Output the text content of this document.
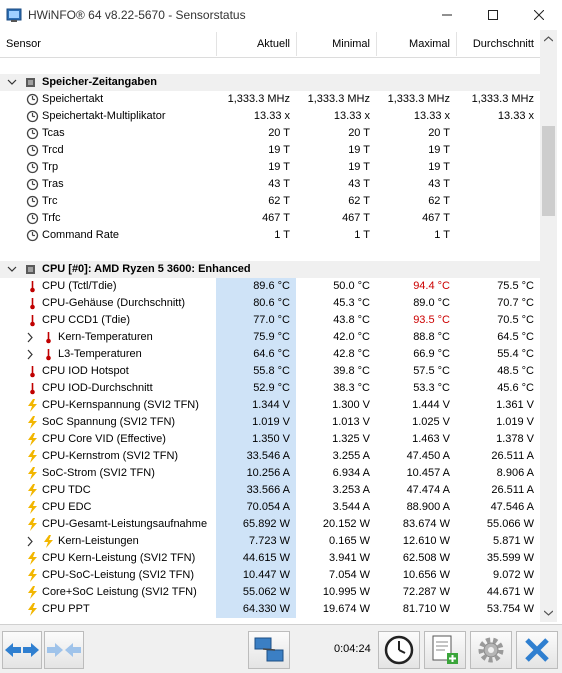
HWiNFO® 64 v8.22-5670 - Sensorstatus
Sensor	Aktuell	Minimal	Maximal	Durchschnitt
Speicher-Zeitangaben
Speichertakt	1,333.3 MHz	1,333.3 MHz	1,333.3 MHz	1,333.3 MHz
Speichertakt-Multiplikator	13.33 x	13.33 x	13.33 x	13.33 x
Tcas	20 T	20 T	20 T
Trcd	19 T	19 T	19 T
Trp	19 T	19 T	19 T
Tras	43 T	43 T	43 T
Trc	62 T	62 T	62 T
Trfc	467 T	467 T	467 T
Command Rate	1 T	1 T	1 T
CPU [#0]: AMD Ryzen 5 3600: Enhanced
CPU (Tctl/Tdie)	89.6 °C	50.0 °C	94.4 °C	75.5 °C
CPU-Gehäuse (Durchschnitt)	80.6 °C	45.3 °C	89.0 °C	70.7 °C
CPU CCD1 (Tdie)	77.0 °C	43.8 °C	93.5 °C	70.5 °C
Kern-Temperaturen	75.9 °C	42.0 °C	88.8 °C	64.5 °C
L3-Temperaturen	64.6 °C	42.8 °C	66.9 °C	55.4 °C
CPU IOD Hotspot	55.8 °C	39.8 °C	57.5 °C	48.5 °C
CPU IOD-Durchschnitt	52.9 °C	38.3 °C	53.3 °C	45.6 °C
CPU-Kernspannung (SVI2 TFN)	1.344 V	1.300 V	1.444 V	1.361 V
SoC Spannung (SVI2 TFN)	1.019 V	1.013 V	1.025 V	1.019 V
CPU Core VID (Effective)	1.350 V	1.325 V	1.463 V	1.378 V
CPU-Kernstrom (SVI2 TFN)	33.546 A	3.255 A	47.450 A	26.511 A
SoC-Strom (SVI2 TFN)	10.256 A	6.934 A	10.457 A	8.906 A
CPU TDC	33.566 A	3.253 A	47.474 A	26.511 A
CPU EDC	70.054 A	3.544 A	88.900 A	47.546 A
CPU-Gesamt-Leistungsaufnahme	65.892 W	20.152 W	83.674 W	55.066 W
Kern-Leistungen	7.723 W	0.165 W	12.610 W	5.871 W
CPU Kern-Leistung (SVI2 TFN)	44.615 W	3.941 W	62.508 W	35.599 W
CPU-SoC-Leistung (SVI2 TFN)	10.447 W	7.054 W	10.656 W	9.072 W
Core+SoC Leistung (SVI2 TFN)	55.062 W	10.995 W	72.287 W	44.671 W
CPU PPT	64.330 W	19.674 W	81.710 W	53.754 W
0:04:24
